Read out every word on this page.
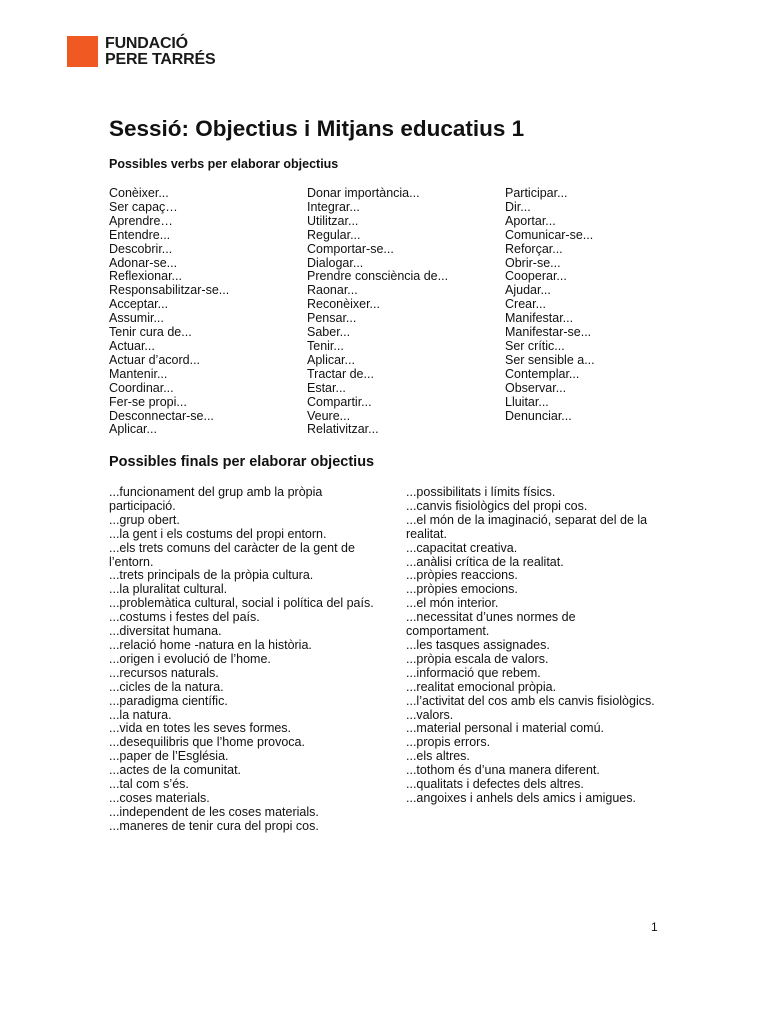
FUNDACIÓ
PERE TARRÉS
Sessió: Objectius i Mitjans educatius 1
Possibles verbs per elaborar objectius
Conèixer...
Ser capaç…
Aprendre…
Entendre...
Descobrir...
Adonar-se...
Reflexionar...
Responsabilitzar-se...
Acceptar...
Assumir...
Tenir cura de...
Actuar...
Actuar d’acord...
Mantenir...
Coordinar...
Fer-se propi...
Desconnectar-se...
Aplicar...
Donar importància...
Integrar...
Utilitzar...
Regular...
Comportar-se...
Dialogar...
Prendre consciència de...
Raonar...
Reconèixer...
Pensar...
Saber...
Tenir...
Aplicar...
Tractar de...
Estar...
Compartir...
Veure...
Relativitzar...
Participar...
Dir...
Aportar...
Comunicar-se...
Reforçar...
Obrir-se...
Cooperar...
Ajudar...
Crear...
Manifestar...
Manifestar-se...
Ser crític...
Ser sensible a...
Contemplar...
Observar...
Lluitar...
Denunciar...
Possibles finals per elaborar objectius
...funcionament del grup amb la pròpia participació.
...grup obert.
...la gent i els costums del propi entorn.
...els trets comuns del caràcter de la gent de l’entorn.
...trets principals de la pròpia cultura.
...la pluralitat cultural.
...problemàtica cultural, social i política del país.
...costums i festes del país.
...diversitat humana.
...relació home -natura en la història.
...origen i evolució de l’home.
...recursos naturals.
...cicles de la natura.
...paradigma científic.
...la natura.
...vida en totes les seves formes.
...desequilibris que l’home provoca.
...paper de l’Església.
...actes de la comunitat.
...tal com s’és.
...coses materials.
...independent de les coses materials.
...maneres de tenir cura del propi cos.
...possibilitats i límits físics.
...canvis fisiològics del propi cos.
...el món de la imaginació, separat del de la realitat.
...capacitat creativa.
...anàlisi crítica de la realitat.
...pròpies reaccions.
...pròpies emocions.
...el món interior.
...necessitat d’unes normes de comportament.
...les tasques assignades.
...pròpia escala de valors.
...informació que rebem.
...realitat emocional pròpia.
...l’activitat del cos amb els canvis fisiològics.
...valors.
...material personal i material comú.
...propis errors.
...els altres.
...tothom és d’una manera diferent.
...qualitats i defectes dels altres.
...angoixes i anhels dels amics i amigues.
1
